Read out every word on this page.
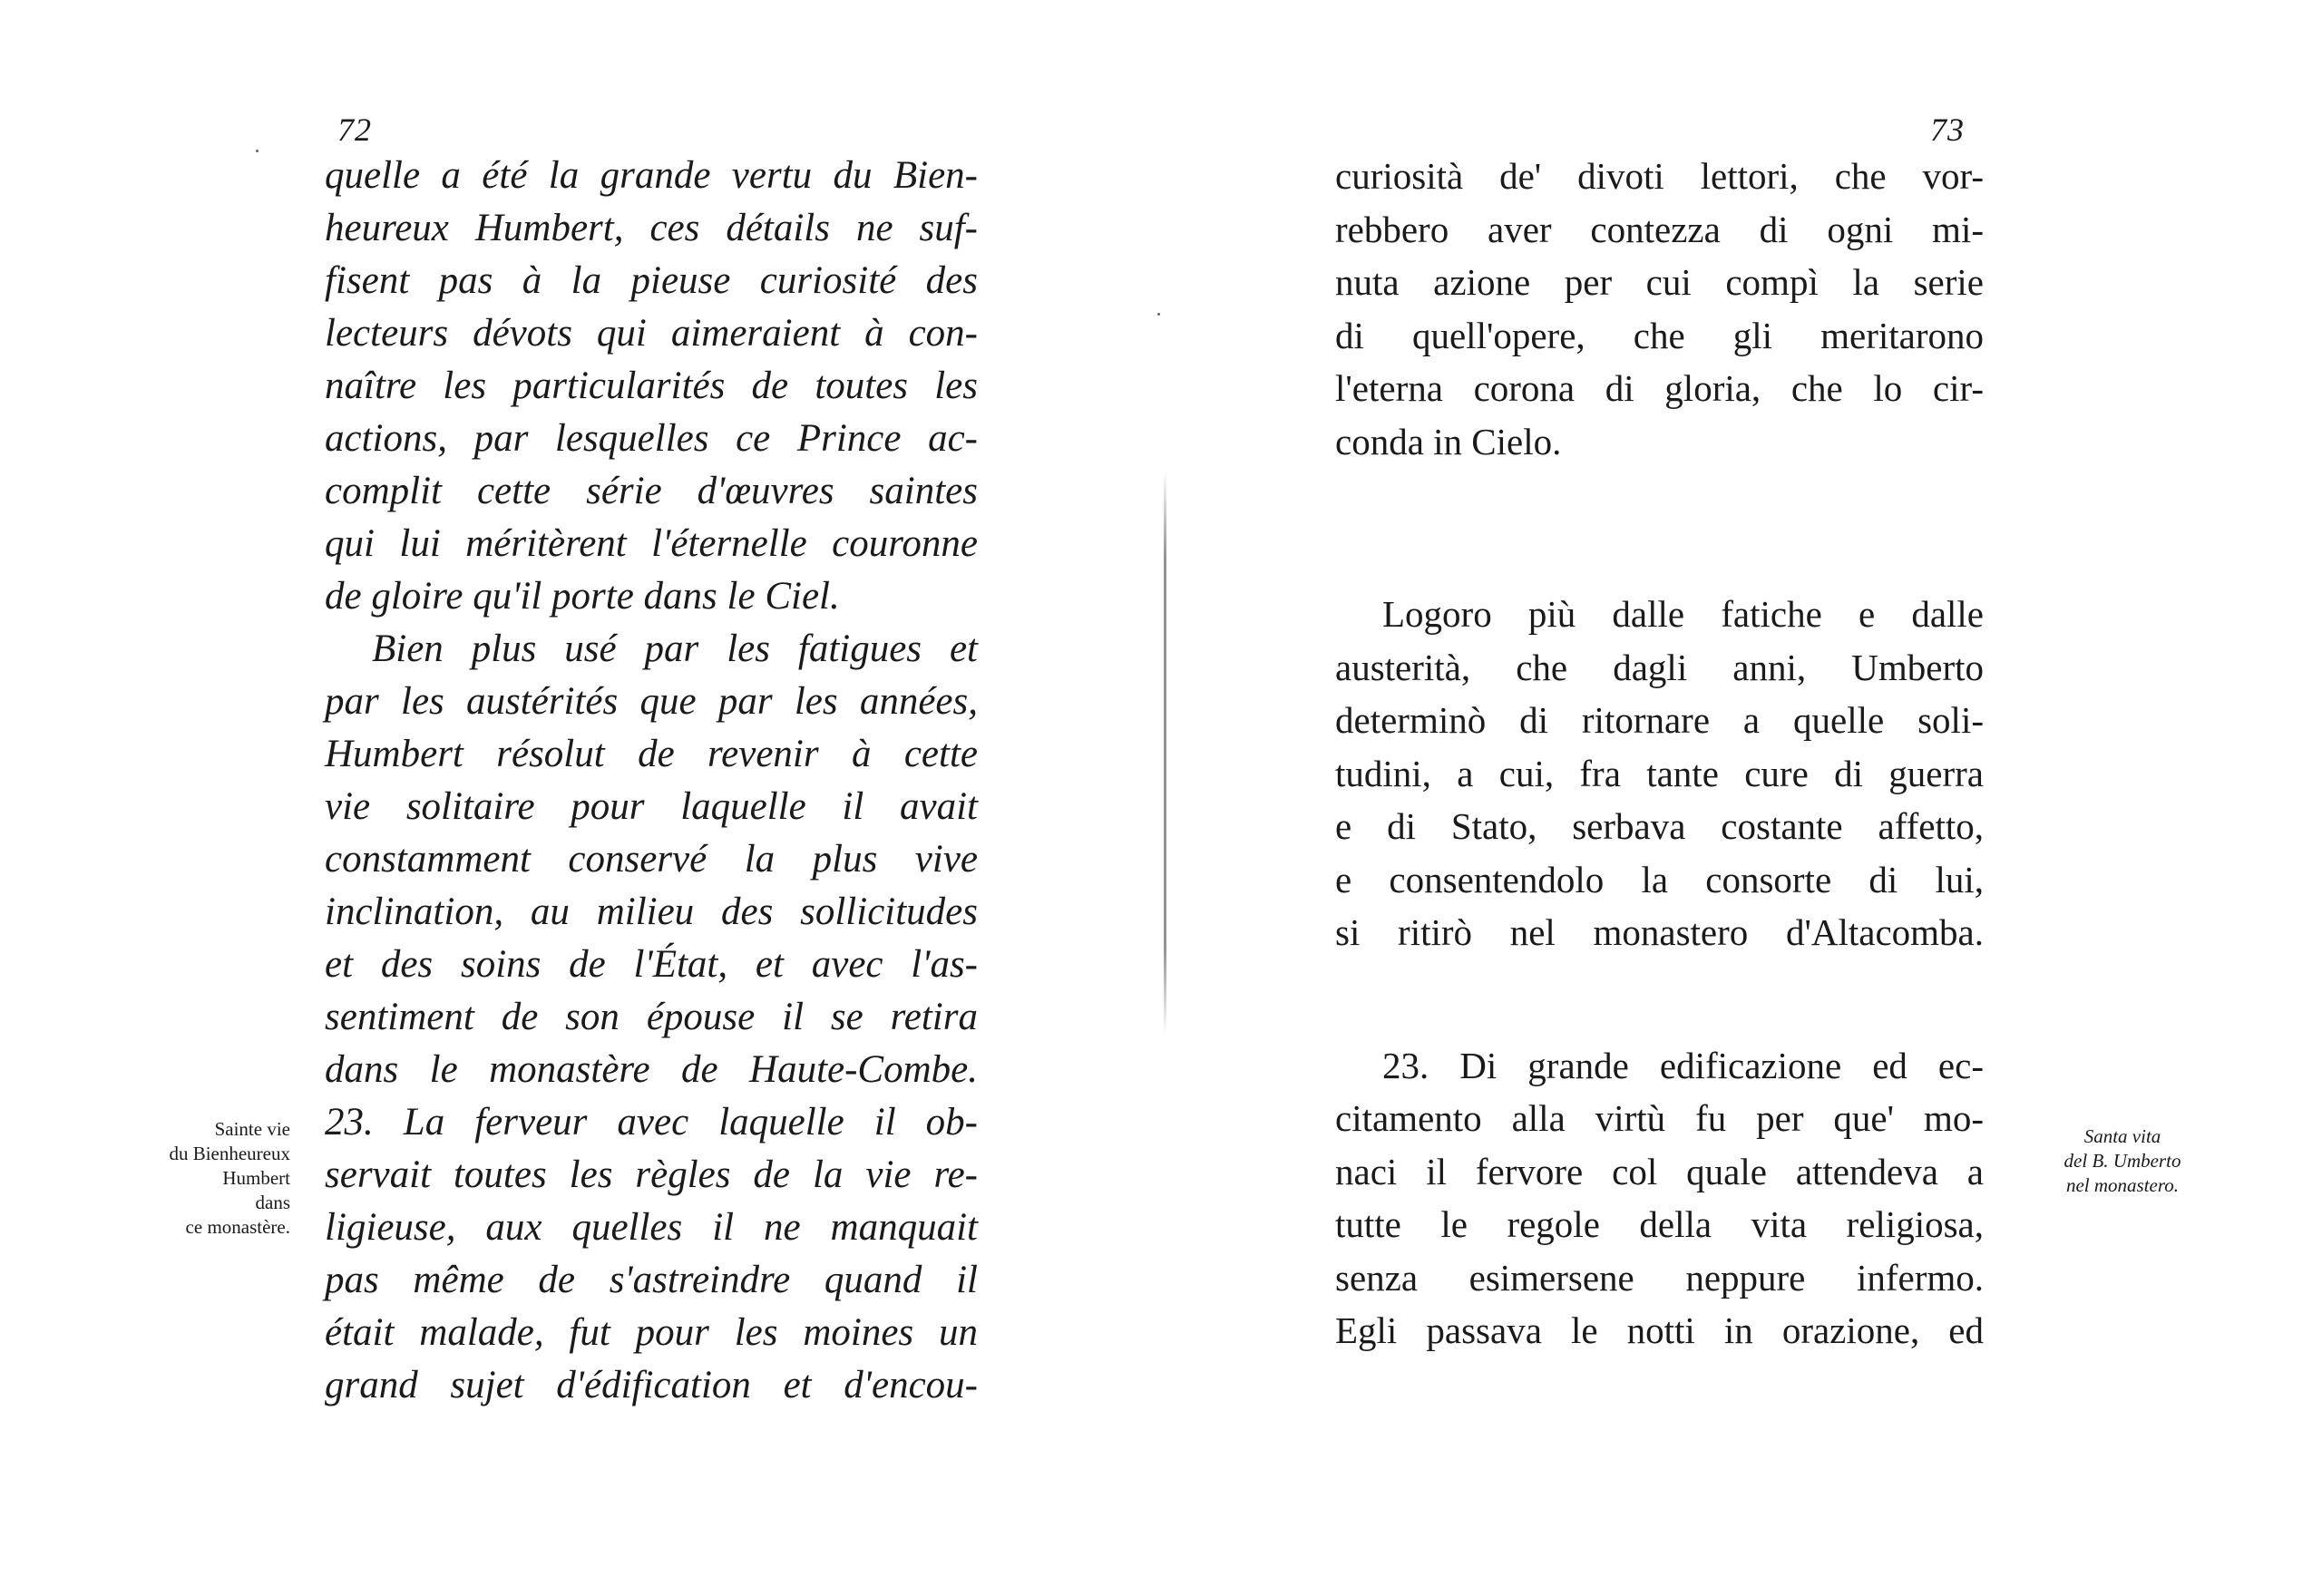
72
quelle a été la grande vertu du Bien-
heureux Humbert, ces détails ne suf-
fisent pas à la pieuse curiosité des
lecteurs dévots qui aimeraient à con-
naître les particularités de toutes les
actions, par lesquelles ce Prince ac-
complit cette série d'œuvres saintes
qui lui méritèrent l'éternelle couronne
de gloire qu'il porte dans le Ciel.
Bien plus usé par les fatigues et
par les austérités que par les années,
Humbert résolut de revenir à cette
vie solitaire pour laquelle il avait
constamment conservé la plus vive
inclination, au milieu des sollicitudes
et des soins de l'État, et avec l'as-
sentiment de son épouse il se retira
dans le monastère de Haute-Combe.
23. La ferveur avec laquelle il ob-
servait toutes les règles de la vie re-
ligieuse, aux quelles il ne manquait
pas même de s'astreindre quand il
était malade, fut pour les moines un
grand sujet d'édification et d'encou-
Sainte vie
du Bienheureux
Humbert
dans
ce monastère.
73
curiosità de' divoti lettori, che vor-
rebbero aver contezza di ogni mi-
nuta azione per cui compì la serie
di quell'opere, che gli meritarono
l'eterna corona di gloria, che lo cir-
conda in Cielo.
Logoro più dalle fatiche e dalle
austerità, che dagli anni, Umberto
determinò di ritornare a quelle soli-
tudini, a cui, fra tante cure di guerra
e di Stato, serbava costante affetto,
e consentendolo la consorte di lui,
si ritirò nel monastero d'Altacomba.
23. Di grande edificazione ed ec-
citamento alla virtù fu per que' mo-
naci il fervore col quale attendeva a
tutte le regole della vita religiosa,
senza esimersene neppure infermo.
Egli passava le notti in orazione, ed
Santa vita
del B. Umberto
nel monastero.
